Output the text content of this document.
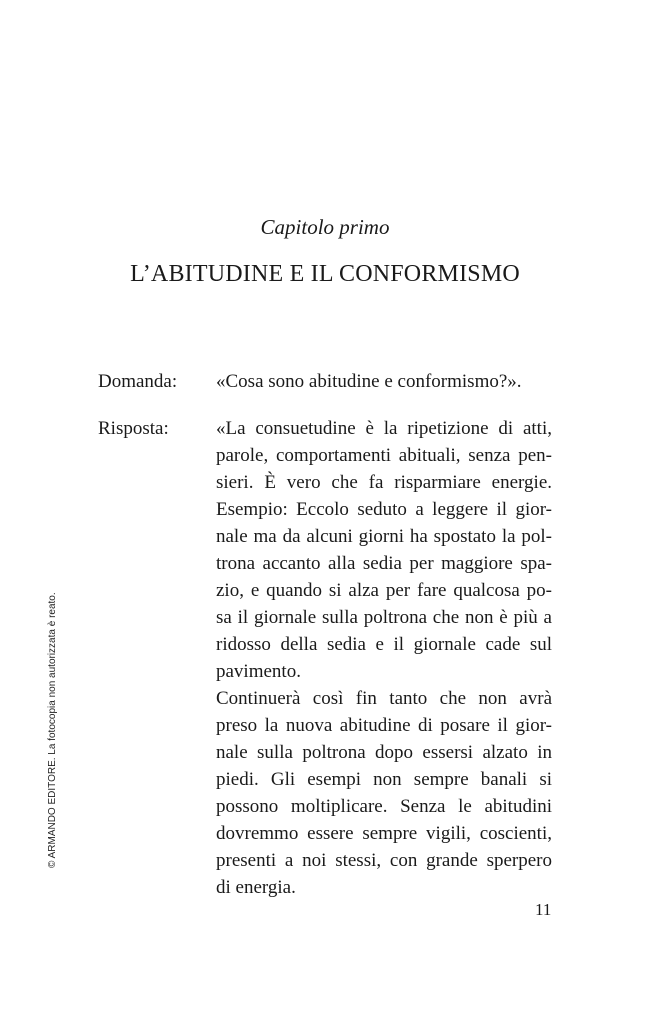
Capitolo primo
L’ABITUDINE E IL CONFORMISMO
Domanda: «Cosa sono abitudine e conformismo?».
Risposta: «La consuetudine è la ripetizione di atti,
parole, comportamenti abituali, senza pen-
sieri. È vero che fa risparmiare energie.
Esempio: Eccolo seduto a leggere il gior-
nale ma da alcuni giorni ha spostato la pol-
trona accanto alla sedia per maggiore spa-
zio, e quando si alza per fare qualcosa po-
sa il giornale sulla poltrona che non è più a
ridosso della sedia e il giornale cade sul
pavimento.
Continuerà così fin tanto che non avrà
preso la nuova abitudine di posare il gior-
nale sulla poltrona dopo essersi alzato in
piedi. Gli esempi non sempre banali si
possono moltiplicare. Senza le abitudini
dovremmo essere sempre vigili, coscienti,
presenti a noi stessi, con grande sperpero
di energia.
© ARMANDO EDITORE. La fotocopia non autorizzata è reato.
11
